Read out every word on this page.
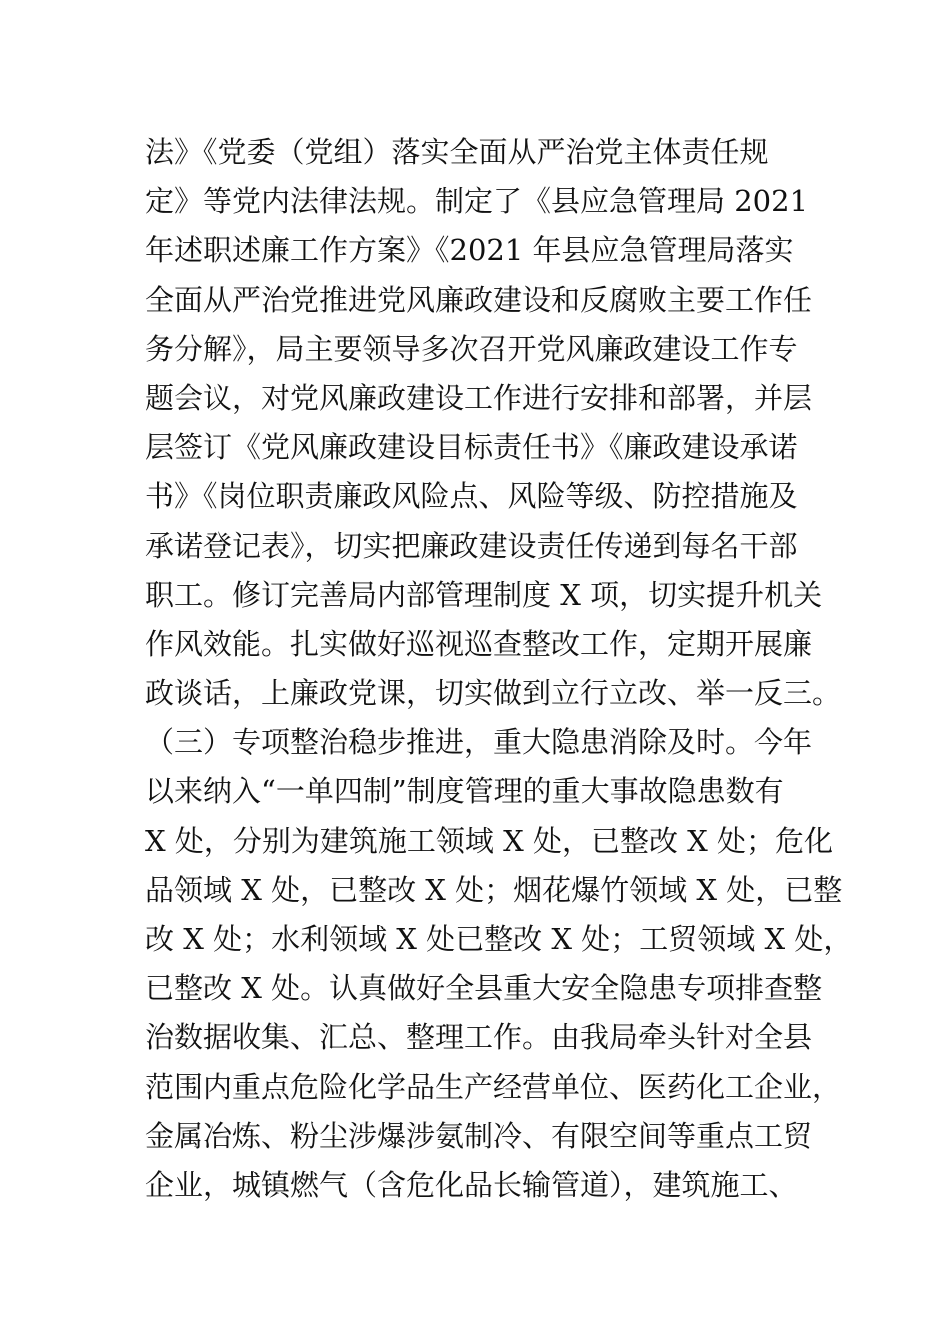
法》《党委（党组）落实全面从严治党主体责任规
定》等党内法律法规。制定了《县应急管理局 2021
年述职述廉工作方案》《2021 年县应急管理局落实
全面从严治党推进党风廉政建设和反腐败主要工作任
务分解》，局主要领导多次召开党风廉政建设工作专
题会议，对党风廉政建设工作进行安排和部署，并层
层签订《党风廉政建设目标责任书》《廉政建设承诺
书》《岗位职责廉政风险点、风险等级、防控措施及
承诺登记表》，切实把廉政建设责任传递到每名干部
职工。修订完善局内部管理制度 X 项，切实提升机关
作风效能。扎实做好巡视巡查整改工作，定期开展廉
政谈话，上廉政党课，切实做到立行立改、举一反三。
（三）专项整治稳步推进，重大隐患消除及时。今年
以来纳入“一单四制”制度管理的重大事故隐患数有
X 处，分别为建筑施工领域 X 处，已整改 X 处；危化
品领域 X 处，已整改 X 处；烟花爆竹领域 X 处，已整
改 X 处；水利领域 X 处已整改 X 处；工贸领域 X 处，
已整改 X 处。认真做好全县重大安全隐患专项排查整
治数据收集、汇总、整理工作。由我局牵头针对全县
范围内重点危险化学品生产经营单位、医药化工企业，
金属冶炼、粉尘涉爆涉氨制冷、有限空间等重点工贸
企业，城镇燃气（含危化品长输管道），建筑施工、
